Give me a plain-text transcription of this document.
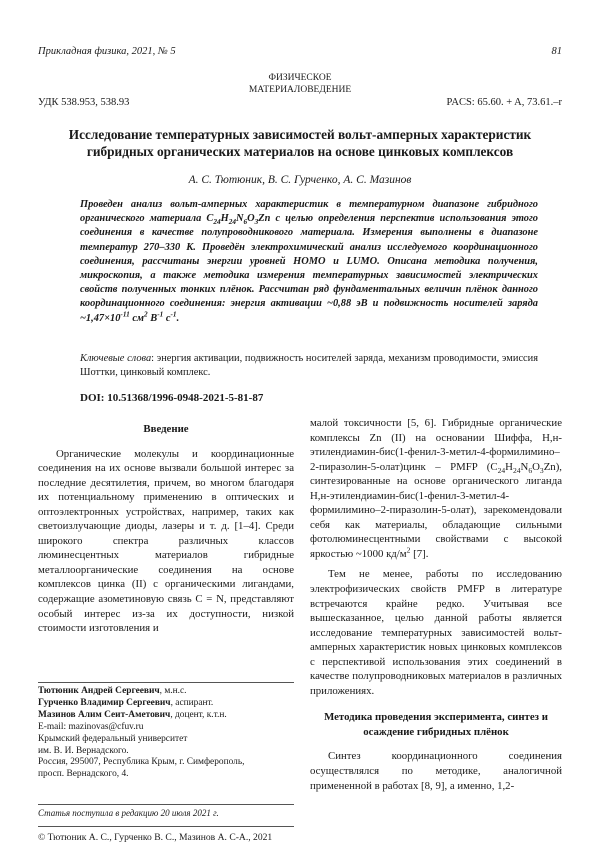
Прикладная физика, 2021, № 5	81
ФИЗИЧЕСКОЕ
МАТЕРИАЛОВЕДЕНИЕ
УДК 538.953, 538.93	PACS: 65.60. + A, 73.61.–r
Исследование температурных зависимостей вольт-амперных характеристик гибридных органических материалов на основе цинковых комплексов
А. С. Тютюник, В. С. Гурченко, А. С. Мазинов
Проведен анализ вольт-амперных характеристик в температурном диапазоне гибридного органического материала $C_{24}H_{24}N_6O_3Zn$ с целью определения перспектив использования этого соединения в качестве полупроводникового материала. Измерения выполнены в диапазоне температур 270–330 К. Проведён электрохимический анализ исследуемого координационного соединения, рассчитаны энергии уровней HOMO и LUMO. Описана методика получения, микроскопия, а также методика измерения температурных зависимостей электрических свойств полученных тонких плёнок. Рассчитан ряд фундаментальных величин плёнок данного координационного соединения: энергия активации ~0,88 эВ и подвижность носителей заряда $\sim 1,47\times 10^{-11}$ $см^2$ $В^{-1}$ $с^{-1}$.
Ключевые слова: энергия активации, подвижность носителей заряда, механизм проводимости, эмиссия Шоттки, цинковый комплекс.
DOI: 10.51368/1996-0948-2021-5-81-87
Введение

Органические молекулы и координационные соединения на их основе вызвали большой интерес за последние десятилетия, причем, во многом благодаря их потенциальному применению в оптических и оптоэлектронных устройствах, например, таких как светоизлучающие диоды, лазеры и т. д. [1–4]. Среди широкого спектра различных классов люминесцентных материалов гибридные металлоорганические соединения на основе комплексов цинка (II) с органическими лигандами, содержащие азометиновую связь C = N, представляют особый интерес из-за их доступности, низкой стоимости изготовления и

малой токсичности [5, 6]. Гибридные органические комплексы Zn (II) на основании Шиффа, Н,н-этилендиамин-бис(1-фенил-3-метил-4-формилимино–2-пиразолин-5-олат)цинк – PMFP $(C_{24}H_{24}N_6O_3Zn)$, синтезированные на основе органического лиганда Н,н-этилендиамин-бис(1-фенил-3-метил-4-формилимино–2-пиразолин-5-олат), зарекомендовали себя как материалы, обладающие сильными фотолюминесцентными свойствами с высокой яркостью ~1000 $кд/м^2$ [7].

Тем не менее, работы по исследованию электрофизических свойств PMFP в литературе встречаются крайне редко. Учитывая все вышесказанное, целью данной работы является исследование температурных зависимостей вольт-амперных характеристик новых цинковых комплексов с перспективой использования этих соединений в качестве полупроводниковых материалов в различных приложениях.

Методика проведения эксперимента, синтез и осаждение гибридных плёнок

Синтез координационного соединения осуществлялся по методике, аналогичной примененной в работах [8, 9], а именно, 1,2-

Тютюник Андрей Сергеевич, м.н.с.
Гурченко Владимир Сергеевич, аспирант.
Мазинов Алим Сеит-Аметович, доцент, к.т.н.
E-mail: mazinovas@cfuv.ru
Крымский федеральный университет
им. В. И. Вернадского.
Россия, 295007, Республика Крым, г. Симферополь,
просп. Вернадского, 4.
Статья поступила в редакцию 20 июля 2021 г.
© Тютюник А. С., Гурченко В. С., Мазинов А. С-А., 2021
